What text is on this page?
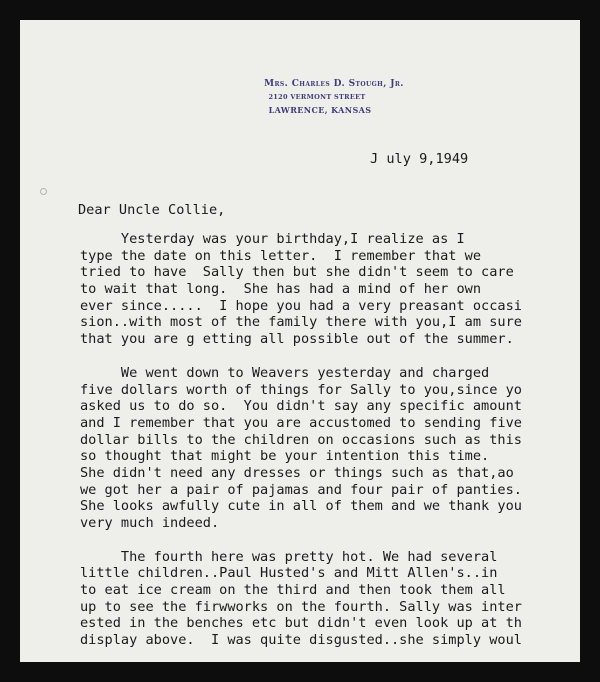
Mrs. Charles D. Stough, Jr.
2120 VERMONT STREET
LAWRENCE, KANSAS
J uly 9,1949
Dear Uncle Collie,
Yesterday was your birthday,I realize as I
type the date on this letter.  I remember that we
tried to have  Sally then but she didn't seem to care
to wait that long.  She has had a mind of her own
ever since.....  I hope you had a very preasant occasi
sion..with most of the family there with you,I am sure
that you are g etting all possible out of the summer.
We went down to Weavers yesterday and charged
five dollars worth of things for Sally to you,since yo
asked us to do so.  You didn't say any specific amount
and I remember that you are accustomed to sending five
dollar bills to the children on occasions such as this
so thought that might be your intention this time.
She didn't need any dresses or things such as that,ao
we got her a pair of pajamas and four pair of panties.
She looks awfully cute in all of them and we thank you
very much indeed.
The fourth here was pretty hot. We had several
little children..Paul Husted's and Mitt Allen's..in
to eat ice cream on the third and then took them all
up to see the firwworks on the fourth. Sally was inter
ested in the benches etc but didn't even look up at th
display above.  I was quite disgusted..she simply woul
